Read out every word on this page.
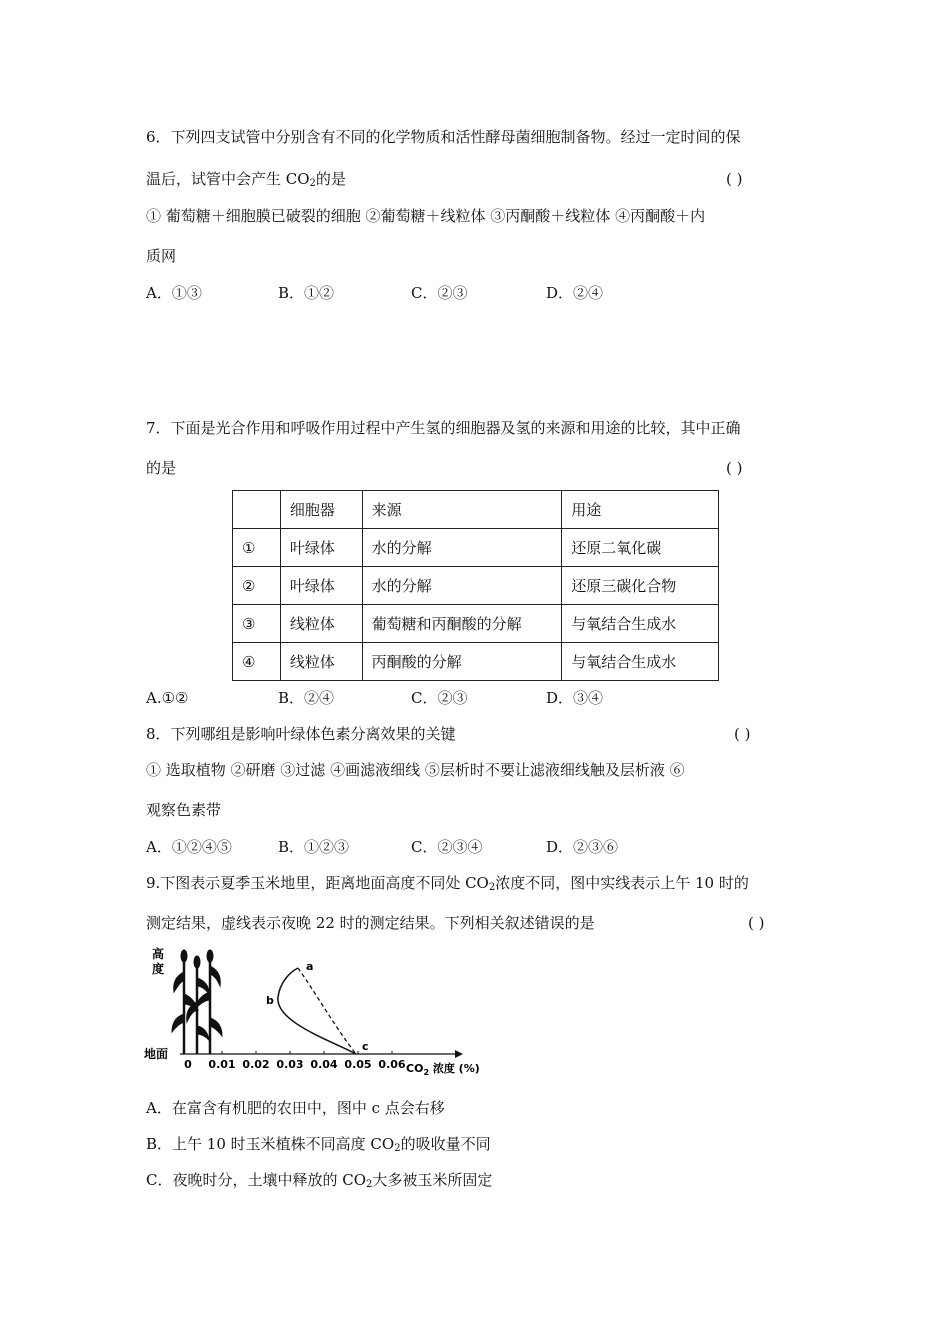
6．下列四支试管中分别含有不同的化学物质和活性酵母菌细胞制备物。经过一定时间的保
温后，试管中会产生 $CO_2$的是	( )
① 葡萄糖＋细胞膜已破裂的细胞 ②葡萄糖＋线粒体 ③丙酮酸＋线粒体 ④丙酮酸＋内
质网
A．①③	B．①②	C．②③	D．②④
7．下面是光合作用和呼吸作用过程中产生氢的细胞器及氢的来源和用途的比较，其中正确
的是	( )
	细胞器	来源	用途
①	叶绿体	水的分解	还原二氧化碳
②	叶绿体	水的分解	还原三碳化合物
③	线粒体	葡萄糖和丙酮酸的分解	与氧结合生成水
④	线粒体	丙酮酸的分解	与氧结合生成水
A.①②	B．②④	C．②③	D．③④
8．下列哪组是影响叶绿体色素分离效果的关键	( )
① 选取植物 ②研磨 ③过滤 ④画滤液细线 ⑤层析时不要让滤液细线触及层析液 ⑥
观察色素带
A．①②④⑤	B．①②③	C．②③④	D．②③⑥
9.下图表示夏季玉米地里，距离地面高度不同处 $CO_2$浓度不同，图中实线表示上午 10 时的
测定结果，虚线表示夜晚 22 时的测定结果。下列相关叙述错误的是	( )
高
度
地面
0 0.01 0.02 0.03 0.04 0.05 0.06 $CO_2$ 浓度 (%)
a
b
c
A．在富含有机肥的农田中，图中 c 点会右移
B．上午 10 时玉米植株不同高度 $CO_2$的吸收量不同
C．夜晚时分，土壤中释放的 $CO_2$大多被玉米所固定
